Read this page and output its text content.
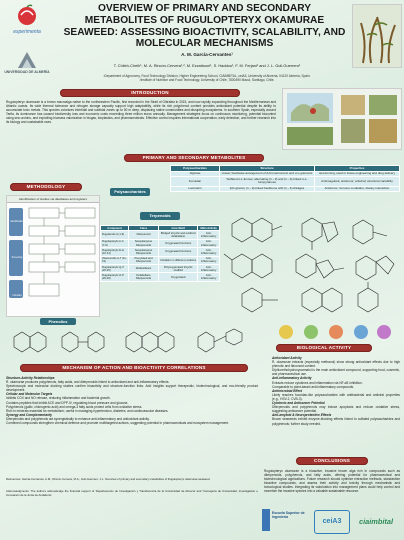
experimenta
UNIVERSIDAD DE ALMERÍA
OVERVIEW OF PRIMARY AND SECONDARY METABOLITES OF RUGULOPTERYX OKAMURAE SEAWEED: ASSESSING BIOACTIVITY, SCALABILITY, AND MOLECULAR MECHANISMS
A. M. García-Cervantes¹
T. Chileh-Chelh¹, M. A. Rincón-Cervera¹,², M. Ezzaitouni¹, S. Haddou¹, F. M. Ferjani¹ and J. L. Guil-Guerrero¹
¹Department of Agronomy, Food Technology Division, Higher Engineering School, CIAIMBITAL, ceiA3, University of Almería, 04120 Almería, Spain.
²Institute of Nutrition and Food Technology, University of Chile, 7830490 Macul, Santiago, Chile.
INTRODUCTION
Rugulopteryx okamurae is a brown macroalga native to the northwestern Pacific, first recorded in the Strait of Gibraltar in 2015, and now rapidly expanding throughout the Mediterranean and Atlantic coasts. Its wide thermal tolerance and nitrogen storage capacity support high adaptability, while its rich polyphenol content provides antioxidant potential despite its ability to accumulate toxic metals. This species colonizes intertidal and subtidal zones up to 50 m deep, displacing native communities and disrupting ecosystems. In southern Spain, especially around Tarifa, its dominance has caused biodiversity loss and economic costs exceeding three million euros annually. Management strategies focus on continuous monitoring, potential biocontrol using sea urchins, and exploiting biomass valorization in biogas, bioplastics, and pharmaceuticals. Effective control requires international cooperation, early detection, and further research into its biology and sustainable uses.
METHODOLOGY
PRIMARY AND SECONDARY METABOLITES
Identification of studies via databases and registers
Identification
Screening
Included
Polysaccharides
Polysaccharides	Structure	Properties
Alginate	Linear; blockwise arrangement of β-D-mannuronic and α-L-guluronic	Gel-forming; used in tissue engineering and drug delivery
Fucoidan	Sulfated α-L-fucose; alternating (1→3) and (1→4)-linked α-L-fucopyranose	Anticoagulant; antitumor; antiviral; structural variability
Laminarin	β-D-glucan; (1→3)-linked backbone with (1→6) linkages	Antitumor; immune modulator; dietary interaction
Terpenoids
Compound	Class	Core Motif	Main Activity
Rugulenols A (1-6)	Diterpenoid	Bridged tricyclic and oxidized dolabellane	Anti-inflammatory
Rugulopteryls A-C (7-9)	Sesquiterpene Diterpenoids	Oxygenated functions	Anti-inflammatory
Rugulopteryls D-H (10-14)	Sesquiterpene Diterpenoids	Oxygenated functions	Anti-inflammatory
Okamuroids A-T (11-19)	Prenylated and Diterpenoids	Oxidation in different positions	Anti-inflammatory
Rugulopteryls Q-X (20-25)	Dolabellanes	Polyoxygenated tricyclic scaffold	Anti-inflammatory
Rugulopteryls O-P (26-29)	Dolabellane Diterpenoids	Oxygenated	Anti-inflammatory
Phenolics
BIOLOGICAL ACTIVITY
MECHANISM OF ACTION AND BIOACTIVITY CORRELATIONS
Structure-Activity Relationships
R. okamurae produces polyphenols, fatty acids, and diterpenoids linked to antioxidant and anti-inflammatory effects.
Spectroscopic and molecular docking studies confirm bioactivity and structure-function links. Add insights support therapeutic, biotechnological, and eco-friendly product development.
Cellular and Molecular Targets
Inhibits COX and NO release, reducing inflammation and bacterial growth.
Contains peptides that inhibit ACE and DPP-IV, regulating blood pressure and glucose.
Polyphenols (gallic, chlorogenic acid) and omega-3 fatty acids protect cells from oxidative stress.
Rich in minerals essential for metabolism; useful in managing hypertension, diabetes, and cardiovascular diseases.
Synergy and Complementarity
Diterpenoids and polyphenols act synergistically to enhance anti-inflammatory and antioxidant activity.
Combined compounds strengthen chemical defense and promote multitargeted actions, suggesting potential in pharmaceuticals and ecosystem management.
References: Garcia-Cervantes, A.M.; Rincon-Cervera, M.A.; Guil-Guerrero, J.L. Overview of primary and secondary metabolites of Rugulopteryx okamurae seaweed.
Acknowledgments: The authors acknowledge the financial support of 'Departamento de Investigación y Transferencia de la Universidad de Almería' and 'Consejería de Universidad, Investigación e Innovación de la Junta de Andalucía'.
Antioxidant Activity
R. okamurae extracts (especially methanol) show strong antioxidant effects due to high phenolic and flavonoid content.
Diphlorethohydroxycarmalol is the main antioxidant compound, supporting food, cosmetic, and pharmaceutical use.
Anti-inflammatory Activity
Extracts reduce cytokines and inflammation via NF-κB inhibition.
Comparable to plant-based anti-inflammatory compounds.
Antimicrobial Effect
Likely reaches fucoidan-like polysaccharides with antibacterial and antiviral properties (e.g., HSV-2, CVB-3).
Cytotoxic and Anticancer Potential
Diterpenoids and polyphenols may induce apoptosis and reduce oxidative stress, suggesting anticancer potential.
Anti-amyloid & Neuroprotective Effects
Brown seaweeds exhibit enzyme-blocking effects linked to sulfated polysaccharides and polyphenols; further study needed.
CONCLUSIONS
Rugulopteryx okamurae is a bioactive, invasive brown alga rich in compounds such as diterpenoids, polyphenols, and fatty acids, offering potential for pharmaceutical and biotechnological applications. Future research should optimize extraction methods, standardize bioactive compounds, and assess their activity and toxicity through mechanistic and toxicological studies. Integrating its valorization into management plans could help control and monetize the invasive species into a valuable sustainable resource.
Escuela Superior de Ingeniería
ceiA3	ciaimbital
